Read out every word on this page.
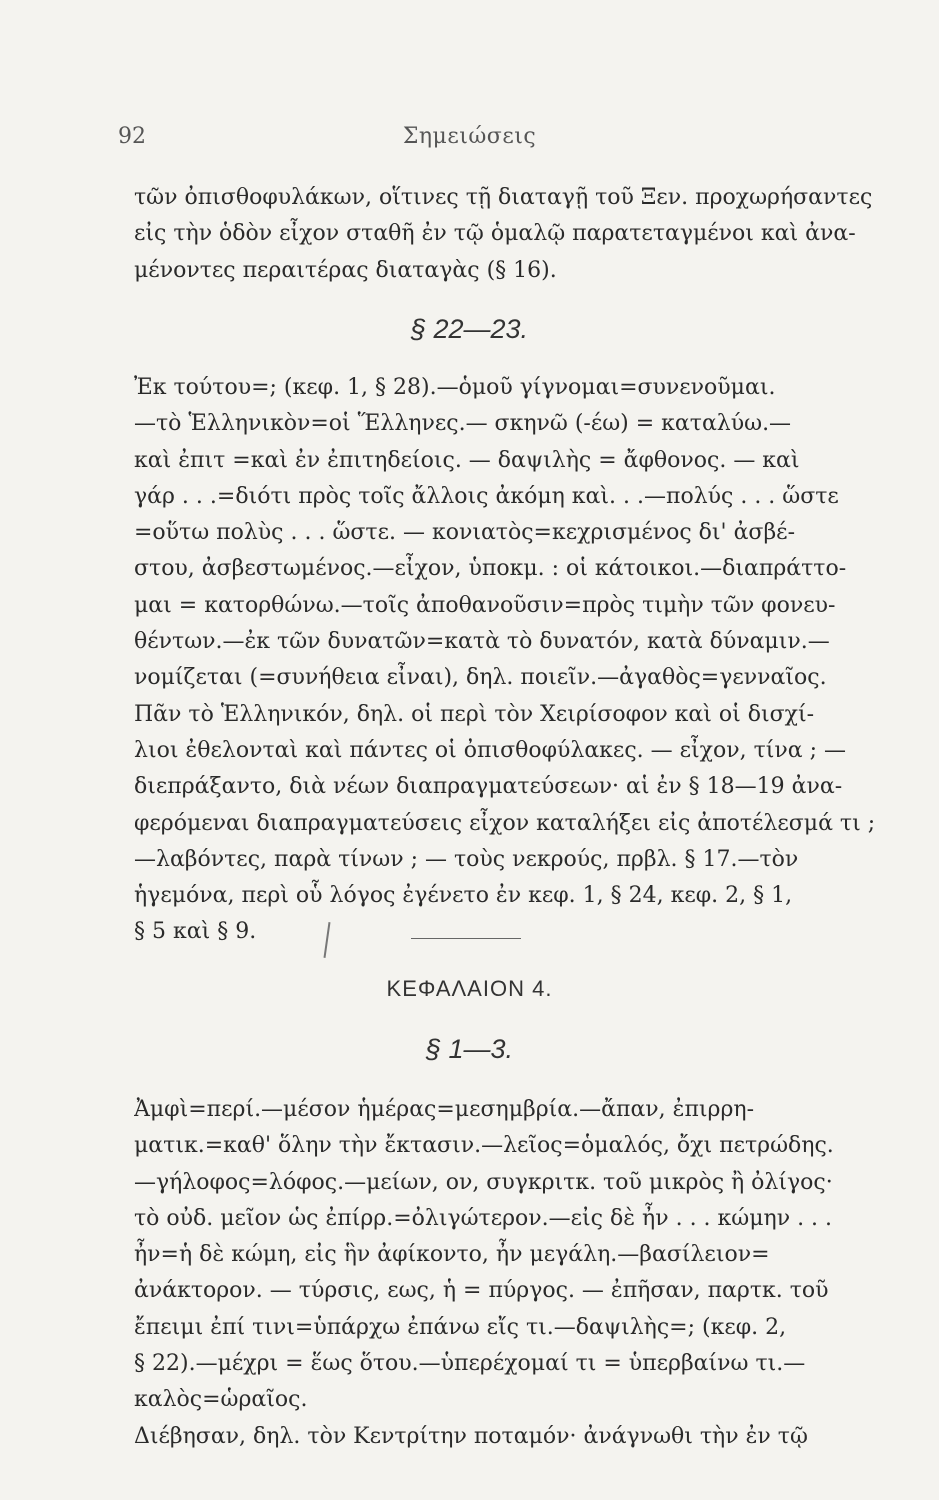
92	Σημειώσεις
τῶν ὀπισθοφυλάκων, οἵτινες τῇ διαταγῇ τοῦ Ξεν. προχωρήσαντες
εἰς τὴν ὁδὸν εἶχον σταθῆ ἐν τῷ ὁμαλῷ παρατεταγμένοι καὶ ἀνα-
μένοντες περαιτέρας διαταγὰς (§ 16).
§ 22—23.
Ἐκ τούτου=; (κεφ. 1, § 28).—ὁμοῦ γίγνομαι=συνενοῦμαι.
—τὸ Ἑλληνικὸν=οἱ Ἕλληνες.— σκηνῶ (-έω) = καταλύω.—
καὶ ἐπιτ =καὶ ἐν ἐπιτηδείοις. — δαψιλὴς = ἄφθονος. — καὶ
γάρ . . .=διότι πρὸς τοῖς ἄλλοις ἀκόμη καὶ. . .—πολύς . . . ὥστε
=οὕτω πολὺς . . . ὥστε. — κονιατὸς=κεχρισμένος δι' ἀσβέ-
στου, ἀσβεστωμένος.—εἶχον, ὑποκμ. : οἱ κάτοικοι.—διαπράττο-
μαι = κατορθώνω.—τοῖς ἀποθανοῦσιν=πρὸς τιμὴν τῶν φονευ-
θέντων.—ἐκ τῶν δυνατῶν=κατὰ τὸ δυνατόν, κατὰ δύναμιν.—
νομίζεται (=συνήθεια εἶναι), δηλ. ποιεῖν.—ἀγαθὸς=γενναῖος.
Πᾶν τὸ Ἑλληνικόν, δηλ. οἱ περὶ τὸν Χειρίσοφον καὶ οἱ δισχί-
λιοι ἐθελονταὶ καὶ πάντες οἱ ὀπισθοφύλακες. — εἶχον, τίνα ; —
διεπράξαντο, διὰ νέων διαπραγματεύσεων· αἱ ἐν § 18—19 ἀνα-
φερόμεναι διαπραγματεύσεις εἶχον καταλήξει εἰς ἀποτέλεσμά τι ;
—λαβόντες, παρὰ τίνων ; — τοὺς νεκρούς, πρβλ. § 17.—τὸν
ἡγεμόνα, περὶ οὗ λόγος ἐγένετο ἐν κεφ. 1, § 24, κεφ. 2, § 1,
§ 5 καὶ § 9.
ΚΕΦΑΛΑΙΟΝ 4.
§ 1—3.
Ἀμφὶ=περί.—μέσον ἡμέρας=μεσημβρία.—ἄπαν, ἐπιρρη-
ματικ.=καθ' ὅλην τὴν ἔκτασιν.—λεῖος=ὁμαλός, ὄχι πετρώδης.
—γήλοφος=λόφος.—μείων, ον, συγκριτκ. τοῦ μικρὸς ἢ ὀλίγος·
τὸ οὐδ. μεῖον ὡς ἐπίρρ.=ὀλιγώτερον.—εἰς δὲ ἦν . . . κώμην . . .
ἦν=ἡ δὲ κώμη, εἰς ἣν ἀφίκοντο, ἦν μεγάλη.—βασίλειον=
ἀνάκτορον. — τύρσις, εως, ἡ = πύργος. — ἐπῆσαν, παρτκ. τοῦ
ἔπειμι ἐπί τινι=ὑπάρχω ἐπάνω εἴς τι.—δαψιλὴς=; (κεφ. 2,
§ 22).—μέχρι = ἕως ὅτου.—ὑπερέχομαί τι = ὑπερβαίνω τι.—
καλὸς=ὡραῖος.
Διέβησαν, δηλ. τὸν Κεντρίτην ποταμόν· ἀνάγνωθι τὴν ἐν τῷ
